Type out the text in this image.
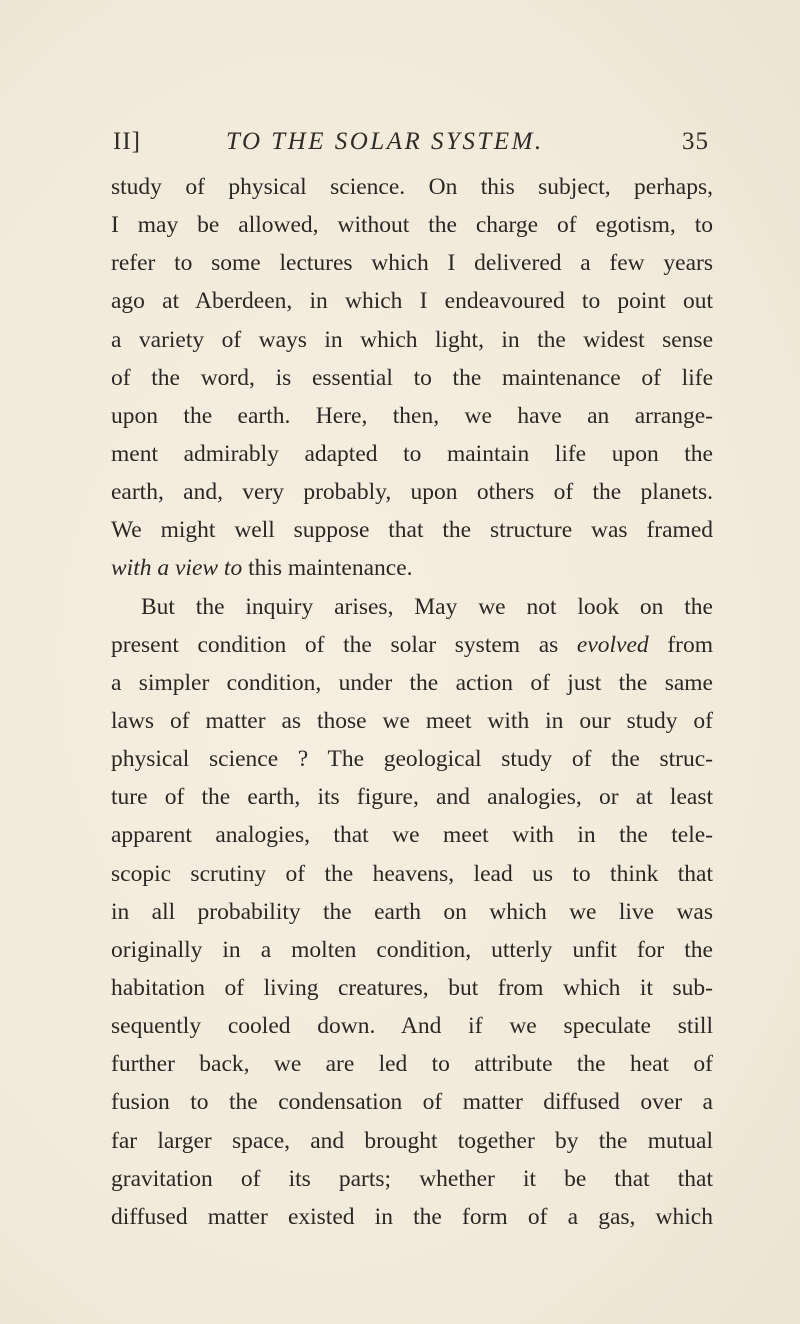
II]	TO THE SOLAR SYSTEM.	35
study of physical science. On this subject, perhaps,
I may be allowed, without the charge of egotism, to
refer to some lectures which I delivered a few years
ago at Aberdeen, in which I endeavoured to point out
a variety of ways in which light, in the widest sense
of the word, is essential to the maintenance of life
upon the earth. Here, then, we have an arrange-
ment admirably adapted to maintain life upon the
earth, and, very probably, upon others of the planets.
We might well suppose that the structure was framed
with a view to this maintenance.
But the inquiry arises, May we not look on the
present condition of the solar system as evolved from
a simpler condition, under the action of just the same
laws of matter as those we meet with in our study of
physical science ? The geological study of the struc-
ture of the earth, its figure, and analogies, or at least
apparent analogies, that we meet with in the tele-
scopic scrutiny of the heavens, lead us to think that
in all probability the earth on which we live was
originally in a molten condition, utterly unfit for the
habitation of living creatures, but from which it sub-
sequently cooled down. And if we speculate still
further back, we are led to attribute the heat of
fusion to the condensation of matter diffused over a
far larger space, and brought together by the mutual
gravitation of its parts; whether it be that that
diffused matter existed in the form of a gas, which
